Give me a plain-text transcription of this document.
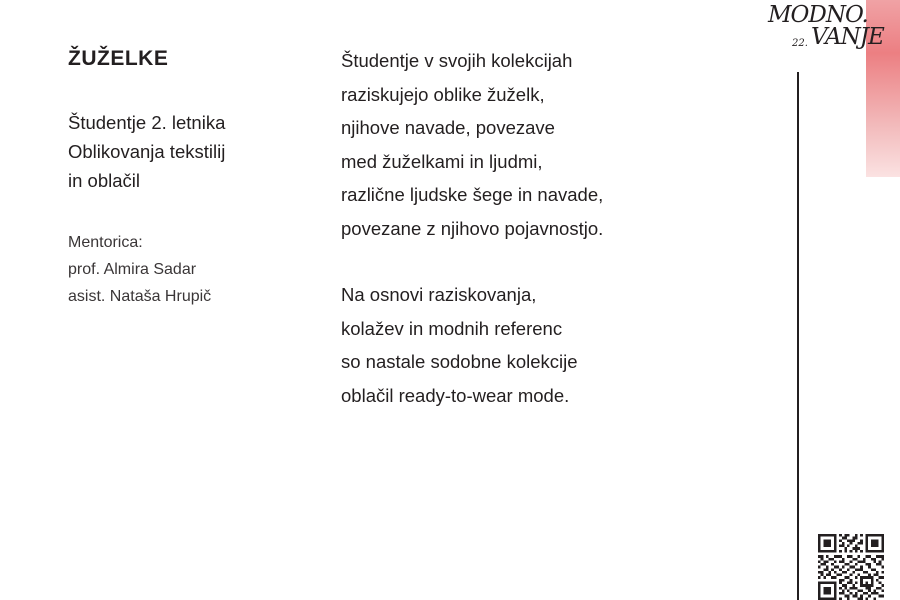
MODNO.
22. VANJE
ŽUŽELKE
Študentje 2. letnika
Oblikovanja tekstilij
in oblačil
Mentorica:
prof. Almira Sadar
asist. Nataša Hrupič
Študentje v svojih kolekcijah
raziskujejo oblike žuželk,
njihove navade, povezave
med žuželkami in ljudmi,
različne ljudske šege in navade,
povezane z njihovo pojavnostjo.
Na osnovi raziskovanja,
kolažev in modnih referenc
so nastale sodobne kolekcije
oblačil ready-to-wear mode.
